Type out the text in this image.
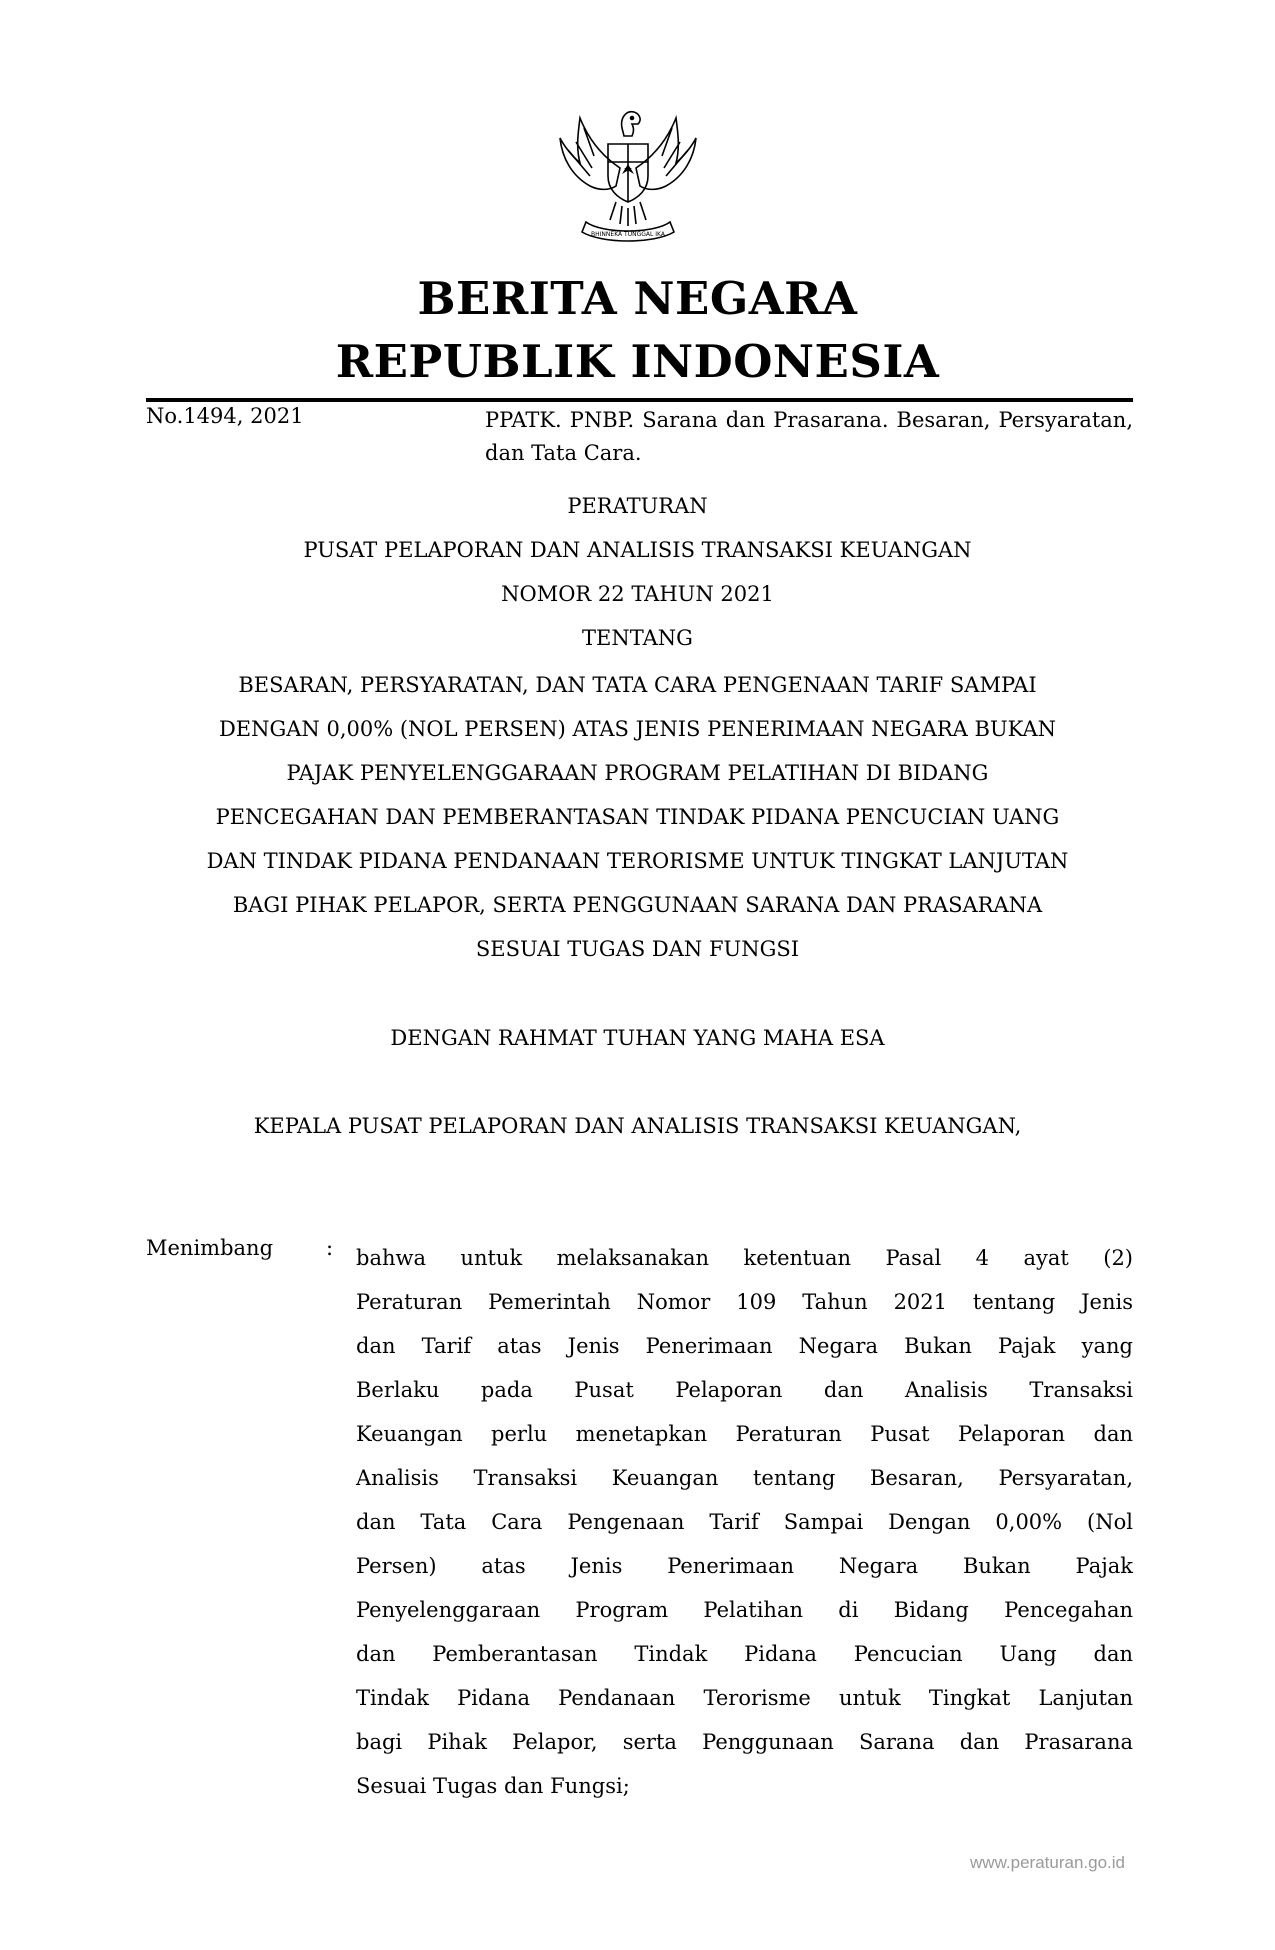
BHINNEKA TUNGGAL IKA
BERITA NEGARA
REPUBLIK INDONESIA
No.1494, 2021	PPATK. PNBP. Sarana dan Prasarana. Besaran, Persyaratan, dan Tata Cara.
PERATURAN
PUSAT PELAPORAN DAN ANALISIS TRANSAKSI KEUANGAN
NOMOR 22 TAHUN 2021
TENTANG
BESARAN, PERSYARATAN, DAN TATA CARA PENGENAAN TARIF SAMPAI
DENGAN 0,00% (NOL PERSEN) ATAS JENIS PENERIMAAN NEGARA BUKAN
PAJAK PENYELENGGARAAN PROGRAM PELATIHAN DI BIDANG
PENCEGAHAN DAN PEMBERANTASAN TINDAK PIDANA PENCUCIAN UANG
DAN TINDAK PIDANA PENDANAAN TERORISME UNTUK TINGKAT LANJUTAN
BAGI PIHAK PELAPOR, SERTA PENGGUNAAN SARANA DAN PRASARANA
SESUAI TUGAS DAN FUNGSI
DENGAN RAHMAT TUHAN YANG MAHA ESA
KEPALA PUSAT PELAPORAN DAN ANALISIS TRANSAKSI KEUANGAN,
Menimbang	: bahwa untuk melaksanakan ketentuan Pasal 4 ayat (2)
Peraturan Pemerintah Nomor 109 Tahun 2021 tentang Jenis
dan Tarif atas Jenis Penerimaan Negara Bukan Pajak yang
Berlaku pada Pusat Pelaporan dan Analisis Transaksi
Keuangan perlu menetapkan Peraturan Pusat Pelaporan dan
Analisis Transaksi Keuangan tentang Besaran, Persyaratan,
dan Tata Cara Pengenaan Tarif Sampai Dengan 0,00% (Nol
Persen) atas Jenis Penerimaan Negara Bukan Pajak
Penyelenggaraan Program Pelatihan di Bidang Pencegahan
dan Pemberantasan Tindak Pidana Pencucian Uang dan
Tindak Pidana Pendanaan Terorisme untuk Tingkat Lanjutan
bagi Pihak Pelapor, serta Penggunaan Sarana dan Prasarana
Sesuai Tugas dan Fungsi;
www.peraturan.go.id
